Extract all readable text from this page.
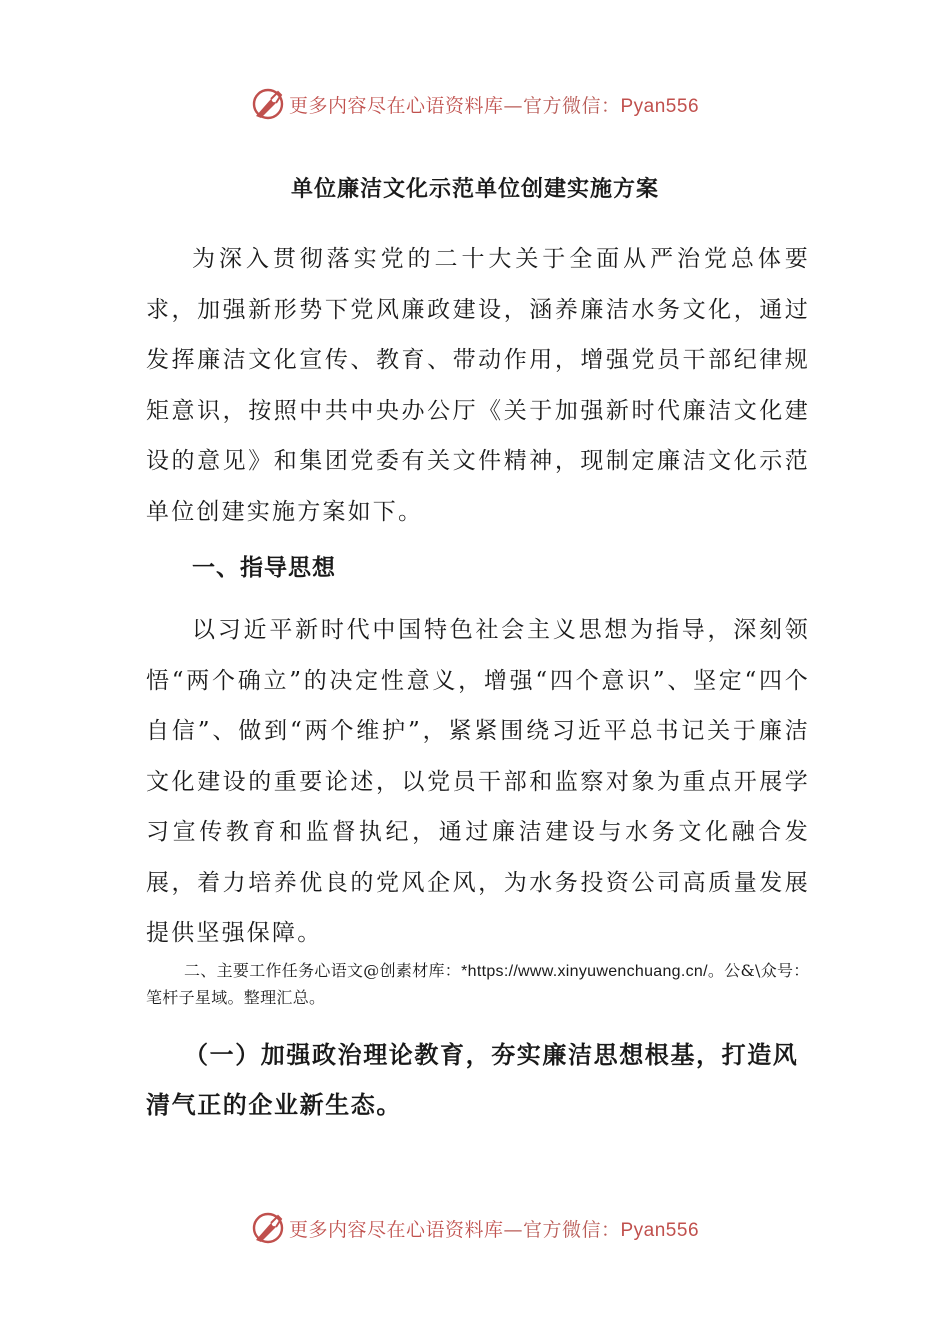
更多内容尽在心语资料库—官方微信：Pyan556
单位廉洁文化示范单位创建实施方案

为深入贯彻落实党的二十大关于全面从严治党总体要求，加强新形势下党风廉政建设，涵养廉洁水务文化，通过发挥廉洁文化宣传、教育、带动作用，增强党员干部纪律规矩意识，按照中共中央办公厅《关于加强新时代廉洁文化建设的意见》和集团党委有关文件精神，现制定廉洁文化示范单位创建实施方案如下。

一、指导思想

以习近平新时代中国特色社会主义思想为指导，深刻领悟“两个确立”的决定性意义，增强“四个意识”、坚定“四个自信”、做到“两个维护”，紧紧围绕习近平总书记关于廉洁文化建设的重要论述，以党员干部和监察对象为重点开展学习宣传教育和监督执纪，通过廉洁建设与水务文化融合发展，着力培养优良的党风企风，为水务投资公司高质量发展提供坚强保障。

二、主要工作任务心语文@创素材库：*https://www.xinyuwenchuang.cn/。公&\众号：笔杆子星域。整理汇总。

（一）加强政治理论教育，夯实廉洁思想根基，打造风清气正的企业新生态。
更多内容尽在心语资料库—官方微信：Pyan556
